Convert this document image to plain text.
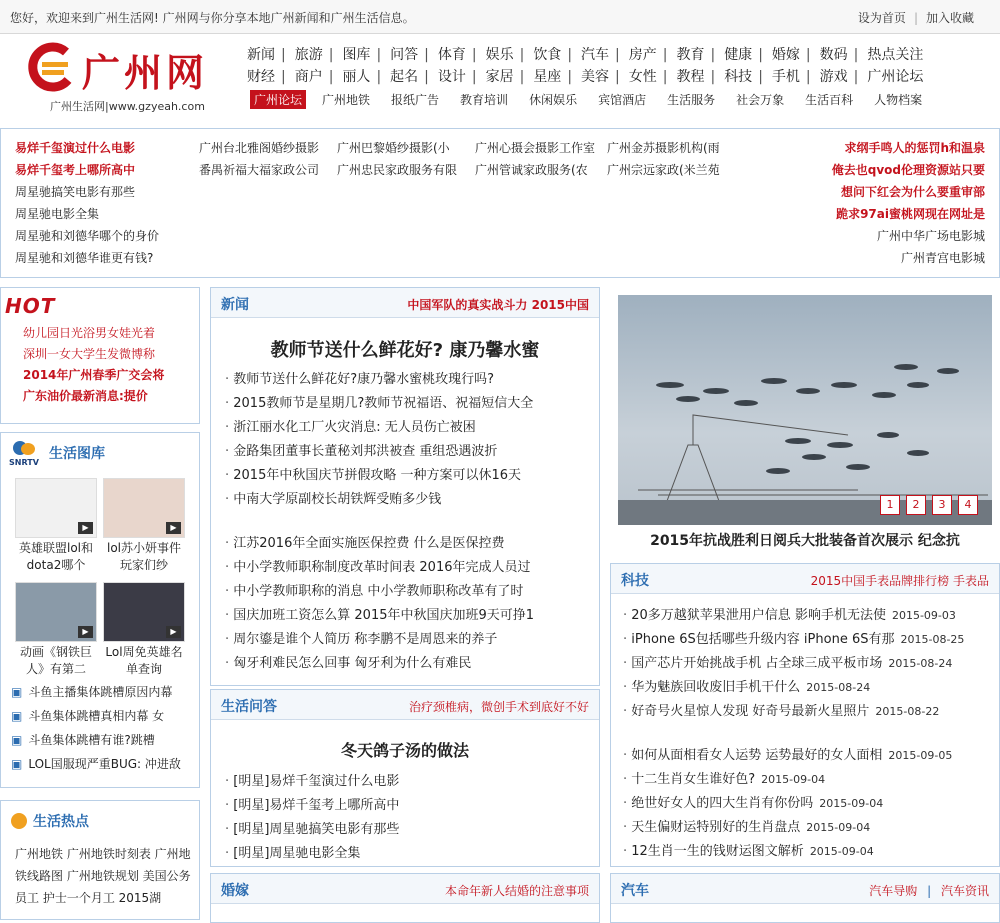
您好，欢迎来到广州生活网! 广州网与你分享本地广州新闻和广州生活信息。	设为首页 | 加入收藏
广州网
广州生活网|www.gzyeah.com
新闻 | 旅游 | 图库 | 问答 | 体育 | 娱乐 | 饮食 | 汽车 | 房产 | 教育 | 健康 | 婚嫁 | 数码 | 热点关注
财经 | 商户 | 丽人 | 起名 | 设计 | 家居 | 星座 | 美容 | 女性 | 教程 | 科技 | 手机 | 游戏 | 广州论坛
广州论坛 广州地铁 报纸广告 教育培训 休闲娱乐 宾馆酒店 生活服务 社会万象 生活百科 人物档案
易烊千玺演过什么电影
易烊千玺考上哪所高中
周星驰搞笑电影有那些
周星驰电影全集
周星驰和刘德华哪个的身价
周星驰和刘德华谁更有钱?
广州台北雅阁婚纱摄影
番禺祈福大福家政公司
广州巴黎婚纱摄影(小
广州忠民家政服务有限
广州心摄会摄影工作室
广州管诚家政服务(农
广州金苏摄影机构(雨
广州宗远家政(米兰苑
求纲手鸣人的惩罚h和温泉
俺去也qvod伦理资源站只要
想问下红会为什么要重审部
跪求97ai蜜桃网现在网址是
广州中华广场电影城
广州青宫电影城
HOT
幼儿园日光浴男女娃光着
深圳一女大学生发微博称
2014年广州春季广交会将
广东油价最新消息:提价
SNRTV
生活图库
▶
英雄联盟lol和dota2哪个
▶
lol苏小妍事件玩家们纱
▶
动画《钢铁巨人》有第二
▶
Lol周免英雄名单查询
▣ 斗鱼主播集体跳槽原因内幕
▣ 斗鱼集体跳槽真相内幕 女
▣ 斗鱼集体跳槽有谁?跳槽
▣ LOL国服现严重BUG: 冲进敌
生活热点
广州地铁 广州地铁时刻表 广州地铁线路图 广州地铁规划 美国公务员工 护士一个月工 2015湖
新闻	中国军队的真实战斗力 2015中国
教师节送什么鲜花好? 康乃馨水蜜
· 教师节送什么鲜花好?康乃馨水蜜桃玫瑰行吗?
· 2015教师节是星期几?教师节祝福语、祝福短信大全
· 浙江丽水化工厂火灾消息: 无人员伤亡被困
· 金路集团董事长董秘刘邦洪被查 重组恐遇波折
· 2015年中秋国庆节拼假攻略 一种方案可以休16天
· 中南大学原副校长胡铁辉受贿多少钱
· 江苏2016年全面实施医保控费 什么是医保控费
· 中小学教师职称制度改革时间表 2016年完成人员过
· 中小学教师职称的消息 中小学教师职称改革有了时
· 国庆加班工资怎么算 2015年中秋国庆加班9天可挣1
· 周尔鎏是谁个人简历 称李鹏不是周恩来的养子
· 匈牙利难民怎么回事 匈牙利为什么有难民
生活问答	治疗颈椎病，微创手术到底好不好
冬天鸽子汤的做法
· [明星]易烊千玺演过什么电影
· [明星]易烊千玺考上哪所高中
· [明星]周星驰搞笑电影有那些
· [明星]周星驰电影全集
婚嫁	本命年新人结婚的注意事项
1 2 3 4
2015年抗战胜利日阅兵大批装备首次展示 纪念抗
科技	2015中国手表品牌排行榜 手表品
· 20多万越狱苹果泄用户信息 影响手机无法使 2015-09-03
· iPhone 6S包括哪些升级内容 iPhone 6S有那 2015-08-25
· 国产芯片开始挑战手机 占全球三成平板市场 2015-08-24
· 华为魅族回收废旧手机干什么 2015-08-24
· 好奇号火星惊人发现 好奇号最新火星照片 2015-08-22
· 如何从面相看女人运势 运势最好的女人面相 2015-09-05
· 十二生肖女生谁好色? 2015-09-04
· 绝世好女人的四大生肖有你份吗 2015-09-04
· 天生偏财运特别好的生肖盘点 2015-09-04
· 12生肖一生的钱财运图文解析 2015-09-04
汽车	汽车导购 | 汽车资讯
